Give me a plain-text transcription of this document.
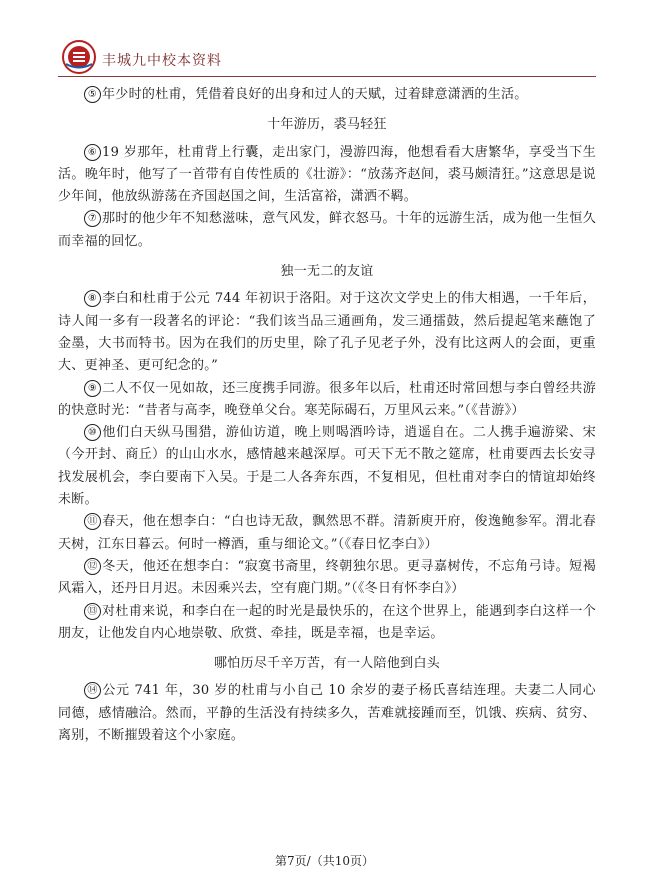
丰城九中校本资料

⑤ 年少时的杜甫，凭借着良好的出身和过人的天赋，过着肆意潇洒的生活。

十年游历，裘马轻狂

⑥ 19 岁那年，杜甫背上行囊，走出家门，漫游四海，他想看看大唐繁华，享受当下生活。晚年时，他写了一首带有自传性质的《壮游》：“放荡齐赵间，裘马颇清狂。”这意思是说少年间，他放纵游荡在齐国赵国之间，生活富裕，潇洒不羁。

⑦ 那时的他少年不知愁滋味，意气风发，鲜衣怒马。十年的远游生活，成为他一生恒久而幸福的回忆。

独一无二的友谊

⑧ 李白和杜甫于公元 744 年初识于洛阳。对于这次文学史上的伟大相遇，一千年后，诗人闻一多有一段著名的评论：“我们该当品三通画角，发三通擂鼓，然后提起笔来蘸饱了金墨，大书而特书。因为在我们的历史里，除了孔子见老子外，没有比这两人的会面，更重大、更神圣、更可纪念的。”

⑨ 二人不仅一见如故，还三度携手同游。很多年以后，杜甫还时常回想与李白曾经共游的快意时光：“昔者与高李，晚登单父台。寒芜际碣石，万里风云来。”（《昔游》）

⑩ 他们白天纵马围猎，游仙访道，晚上则喝酒吟诗，逍遥自在。二人携手遍游梁、宋（今开封、商丘）的山山水水，感情越来越深厚。可天下无不散之筵席，杜甫要西去长安寻找发展机会，李白要南下入吴。于是二人各奔东西，不复相见，但杜甫对李白的情谊却始终未断。

⑪ 春天，他在想李白：“白也诗无敌，飘然思不群。清新庾开府，俊逸鲍参军。渭北春天树，江东日暮云。何时一樽酒，重与细论文。”（《春日忆李白》）

⑫ 冬天，他还在想李白：“寂寞书斋里，终朝独尔思。更寻嘉树传，不忘角弓诗。短褐风霜入，还丹日月迟。未因乘兴去，空有鹿门期。”（《冬日有怀李白》）

⑬ 对杜甫来说，和李白在一起的时光是最快乐的，在这个世界上，能遇到李白这样一个朋友，让他发自内心地崇敬、欣赏、牵挂，既是幸福，也是幸运。

哪怕历尽千辛万苦，有一人陪他到白头

⑭ 公元 741 年，30 岁的杜甫与小自己 10 余岁的妻子杨氏喜结连理。夫妻二人同心同德，感情融洽。然而，平静的生活没有持续多久，苦难就接踵而至，饥饿、疾病、贫穷、离别，不断摧毁着这个小家庭。

第7页/（共10页）
